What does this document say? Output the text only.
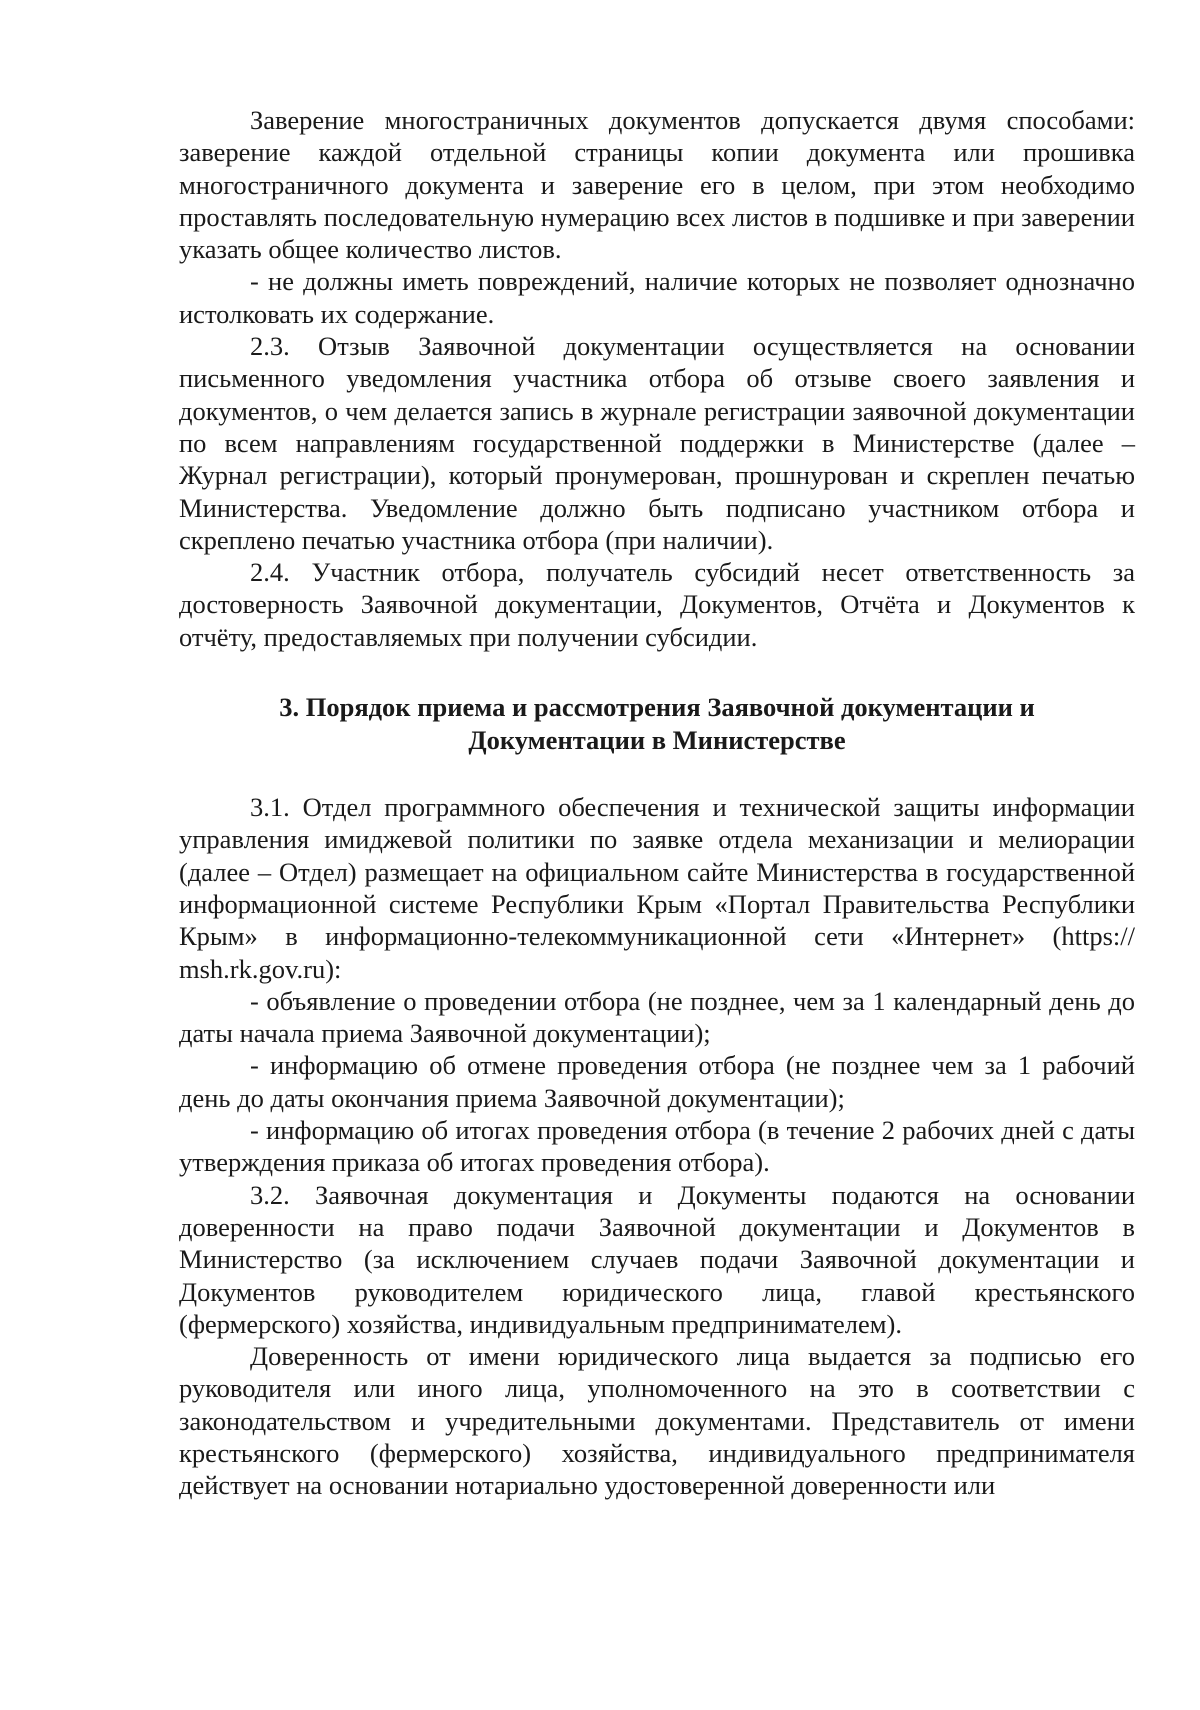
Заверение многостраничных документов допускается двумя способами: заверение каждой отдельной страницы копии документа или прошивка многостраничного документа и заверение его в целом, при этом необходимо проставлять последовательную нумерацию всех листов в подшивке и при заверении указать общее количество листов.

- не должны иметь повреждений, наличие которых не позволяет однозначно истолковать их содержание.

2.3. Отзыв Заявочной документации осуществляется на основании письменного уведомления участника отбора об отзыве своего заявления и документов, о чем делается запись в журнале регистрации заявочной документации по всем направлениям государственной поддержки в Министерстве (далее – Журнал регистрации), который пронумерован, прошнурован и скреплен печатью Министерства. Уведомление должно быть подписано участником отбора и скреплено печатью участника отбора (при наличии).

2.4. Участник отбора, получатель субсидий несет ответственность за достоверность Заявочной документации, Документов, Отчёта и Документов к отчёту, предоставляемых при получении субсидии.

3. Порядок приема и рассмотрения Заявочной документации и
Документации в Министерстве

3.1. Отдел программного обеспечения и технической защиты информации управления имиджевой политики по заявке отдела механизации и мелиорации (далее – Отдел) размещает на официальном сайте Министерства в государственной информационной системе Республики Крым «Портал Правительства Республики Крым» в информационно-телекоммуникационной сети «Интернет» (https:// msh.rk.gov.ru):

- объявление о проведении отбора (не позднее, чем за 1 календарный день до даты начала приема Заявочной документации);

- информацию об отмене проведения отбора (не позднее чем за 1 рабочий день до даты окончания приема Заявочной документации);

- информацию об итогах проведения отбора (в течение 2 рабочих дней с даты утверждения приказа об итогах проведения отбора).

3.2. Заявочная документация и Документы подаются на основании доверенности на право подачи Заявочной документации и Документов в Министерство (за исключением случаев подачи Заявочной документации и Документов руководителем юридического лица, главой крестьянского (фермерского) хозяйства, индивидуальным предпринимателем).

Доверенность от имени юридического лица выдается за подписью его руководителя или иного лица, уполномоченного на это в соответствии с законодательством и учредительными документами. Представитель от имени крестьянского (фермерского) хозяйства, индивидуального предпринимателя действует на основании нотариально удостоверенной доверенности или
